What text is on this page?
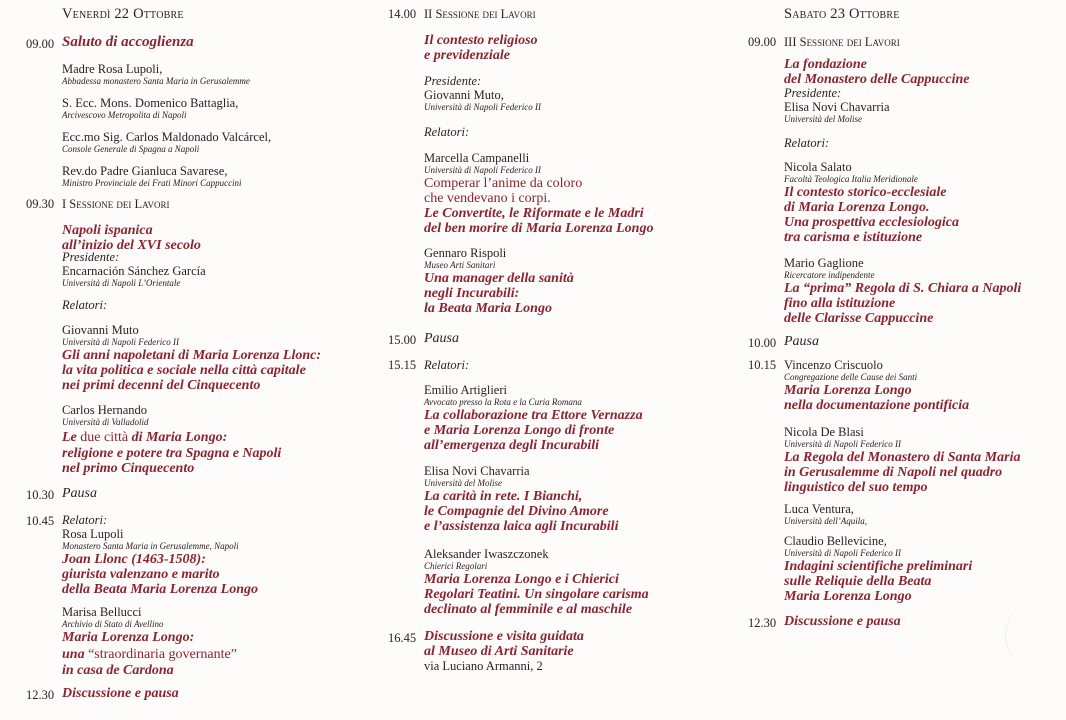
Venerdì 22 Ottobre
09.00 Saluto di accoglienza
Madre Rosa Lupoli,
Abbadessa monastero Santa Maria in Gerusalemme
S. Ecc. Mons. Domenico Battaglia,
Arcivescovo Metropolita di Napoli
Ecc.mo Sig. Carlos Maldonado Valcárcel,
Console Generale di Spagna a Napoli
Rev.do Padre Gianluca Savarese,
Ministro Provinciale dei Frati Minori Cappuccini
09.30 I Sessione dei Lavori
Napoli ispanica
all’inizio del XVI secolo
Presidente:
Encarnación Sánchez García
Università di Napoli L’Orientale
Relatori:
Giovanni Muto
Università di Napoli Federico II
Gli anni napoletani di Maria Lorenza Llonc:
la vita politica e sociale nella città capitale
nei primi decenni del Cinquecento
Carlos Hernando
Università di Valladolid
Le due città di Maria Longo:
religione e potere tra Spagna e Napoli
nel primo Cinquecento
10.30 Pausa
10.45 Relatori:
Rosa Lupoli
Monastero Santa Maria in Gerusalemme, Napoli
Joan Llonc (1463-1508):
giurista valenzano e marito
della Beata Maria Lorenza Longo
Marisa Bellucci
Archivio di Stato di Avellino
Maria Lorenza Longo:
una “straordinaria governante”
in casa de Cardona
12.30 Discussione e pausa
14.00 II Sessione dei Lavori
Il contesto religioso
e previdenziale
Presidente:
Giovanni Muto,
Università di Napoli Federico II
Relatori:
Marcella Campanelli
Università di Napoli Federico II
Comperar l’anime da coloro
che vendevano i corpi.
Le Convertite, le Riformate e le Madri
del ben morire di Maria Lorenza Longo
Gennaro Rispoli
Museo Arti Sanitari
Una manager della sanità
negli Incurabili:
la Beata Maria Longo
15.00 Pausa
15.15 Relatori:
Emilio Artiglieri
Avvocato presso la Rota e la Curia Romana
La collaborazione tra Ettore Vernazza
e Maria Lorenza Longo di fronte
all’emergenza degli Incurabili
Elisa Novi Chavarria
Università del Molise
La carità in rete. I Bianchi,
le Compagnie del Divino Amore
e l’assistenza laica agli Incurabili
Aleksander Iwaszczonek
Chierici Regolari
Maria Lorenza Longo e i Chierici
Regolari Teatini. Un singolare carisma
declinato al femminile e al maschile
16.45 Discussione e visita guidata
al Museo di Arti Sanitarie
via Luciano Armanni, 2
Sabato 23 Ottobre
09.00 III Sessione dei Lavori
La fondazione
del Monastero delle Cappuccine
Presidente:
Elisa Novi Chavarria
Università del Molise
Relatori:
Nicola Salato
Facoltà Teologica Italia Meridionale
Il contesto storico-ecclesiale
di Maria Lorenza Longo.
Una prospettiva ecclesiologica
tra carisma e istituzione
Mario Gaglione
Ricercatore indipendente
La “prima” Regola di S. Chiara a Napoli
fino alla istituzione
delle Clarisse Cappuccine
10.00 Pausa
10.15 Vincenzo Criscuolo
Congregazione delle Cause dei Santi
Maria Lorenza Longo
nella documentazione pontificia
Nicola De Blasi
Università di Napoli Federico II
La Regola del Monastero di Santa Maria
in Gerusalemme di Napoli nel quadro
linguistico del suo tempo
Luca Ventura,
Università dell’Aquila,
Claudio Bellevicine,
Università di Napoli Federico II
Indagini scientifiche preliminari
sulle Reliquie della Beata
Maria Lorenza Longo
12.30 Discussione e pausa
